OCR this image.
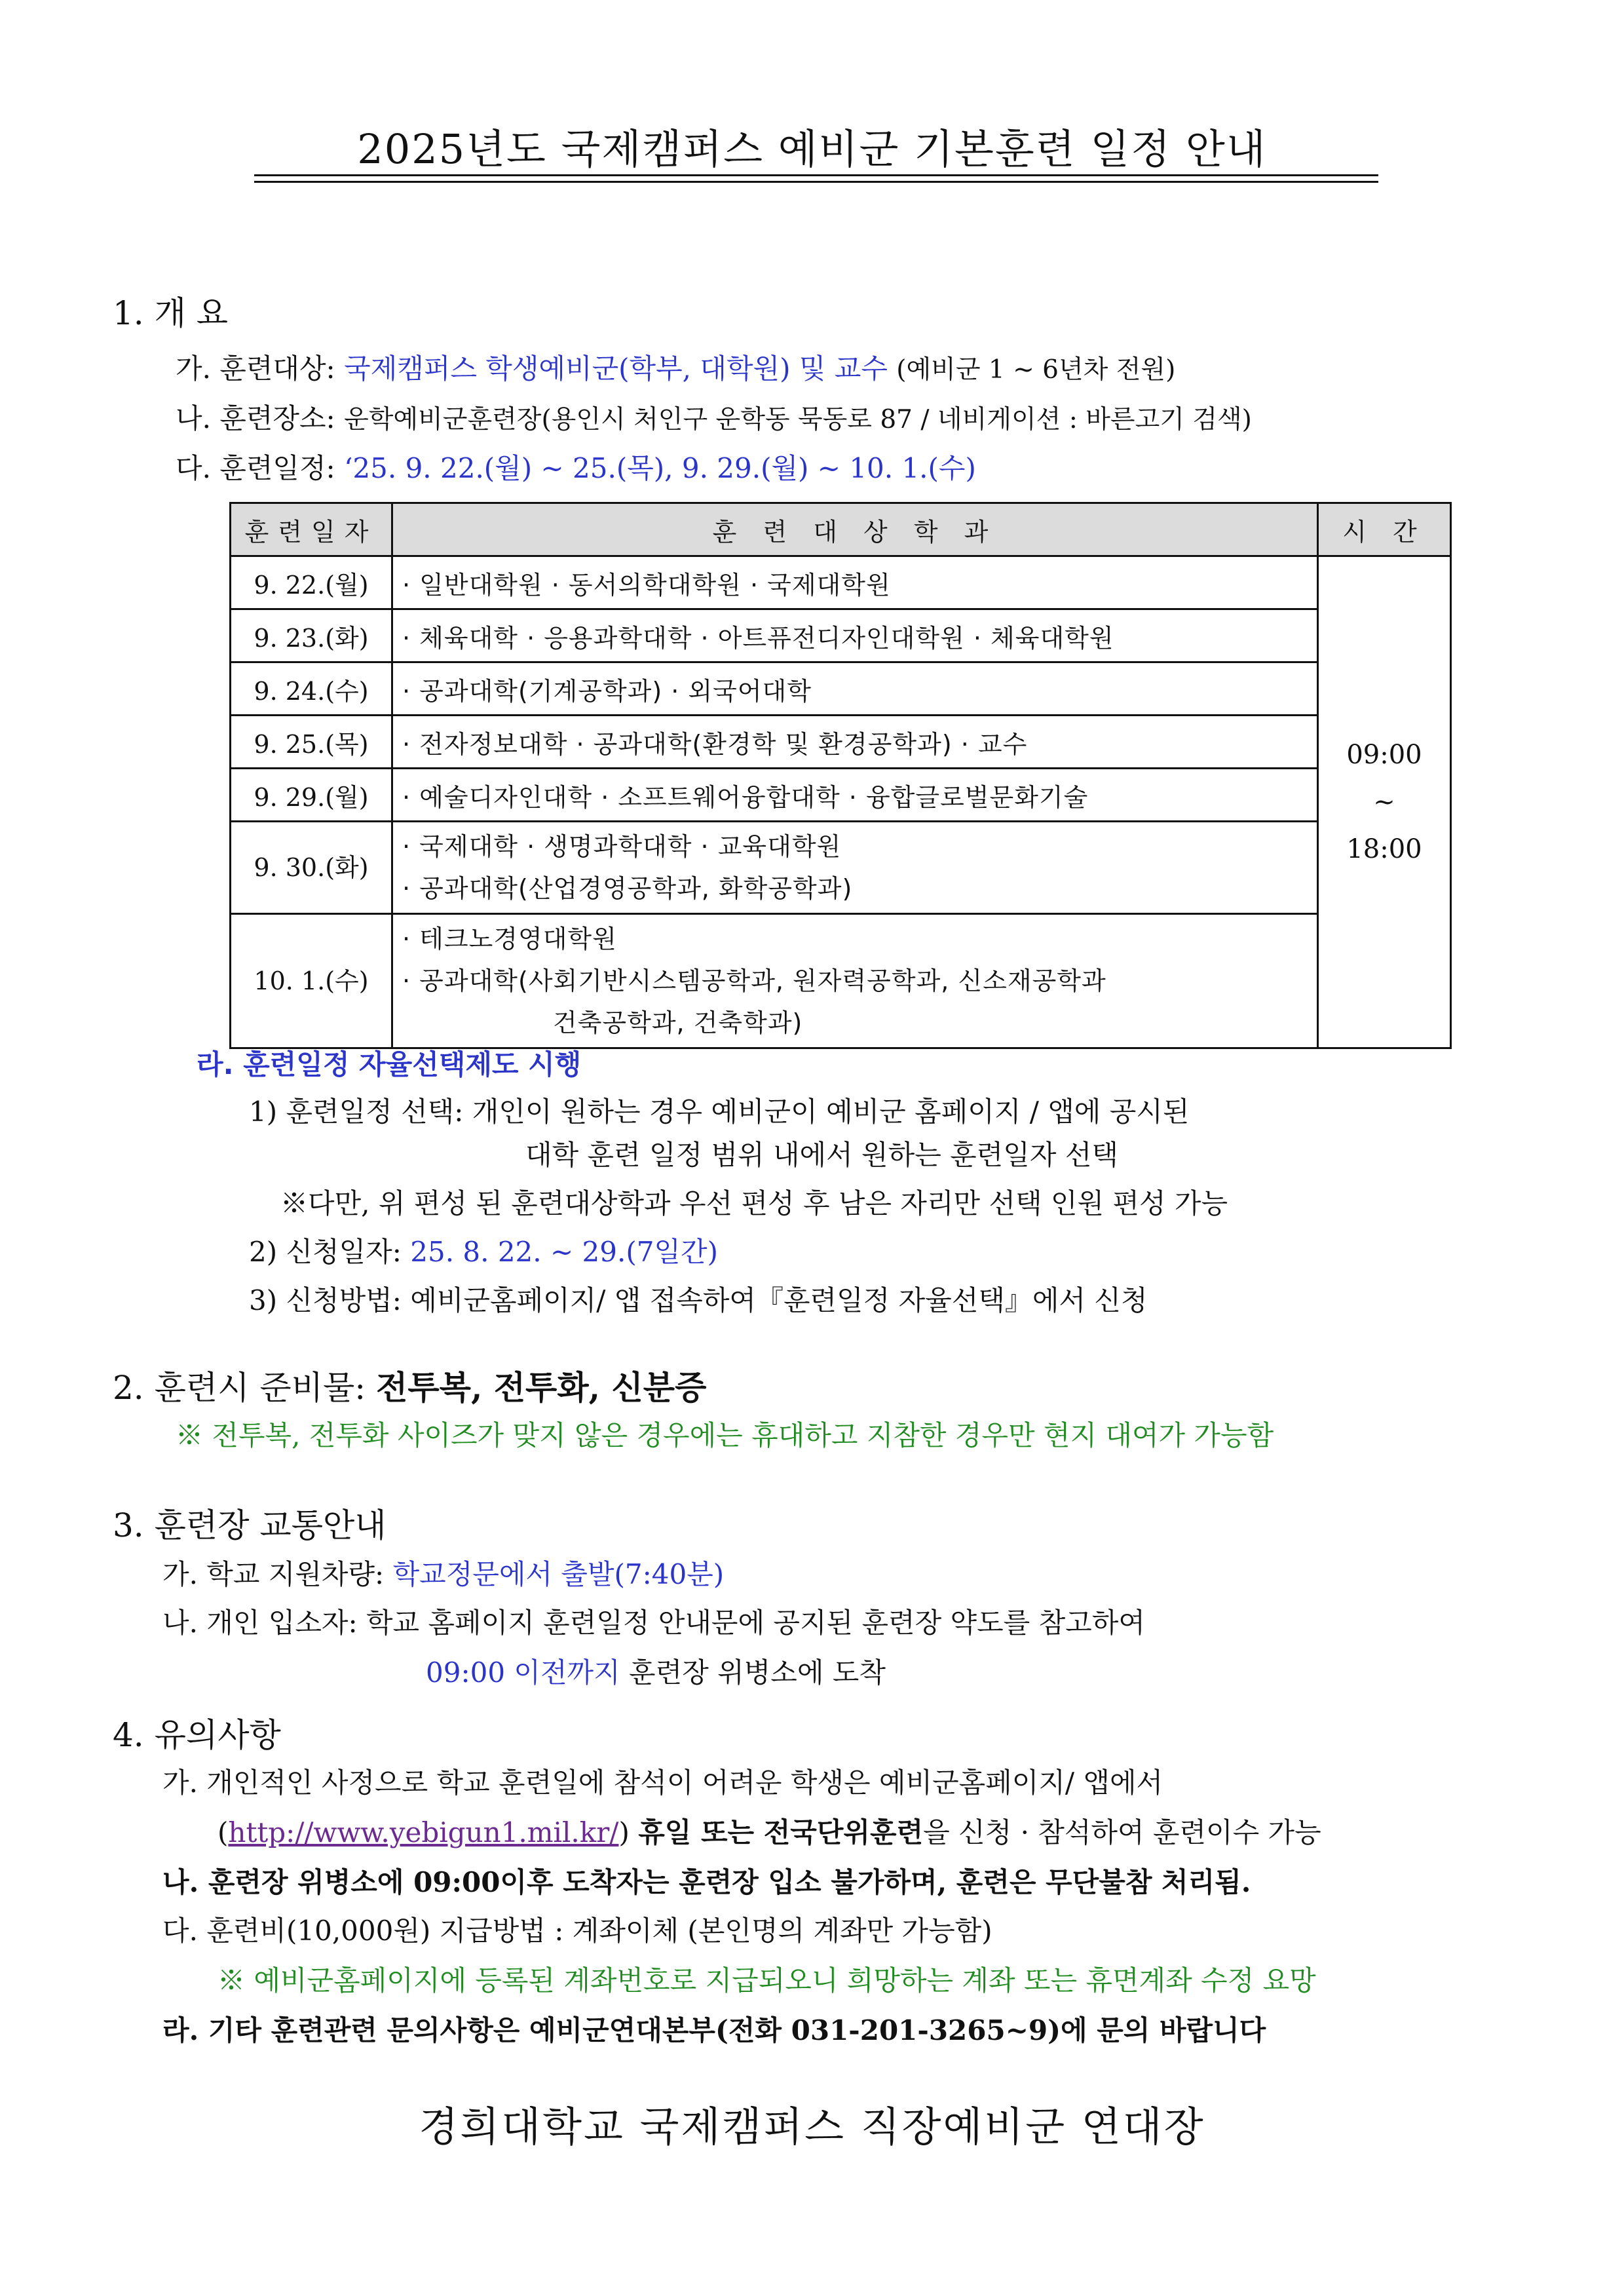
2025년도 국제캠퍼스 예비군 기본훈련 일정 안내
1. 개 요
가. 훈련대상: 국제캠퍼스 학생예비군(학부, 대학원) 및 교수 (예비군 1 ~ 6년차 전원)
나. 훈련장소: 운학예비군훈련장(용인시 처인구 운학동 묵동로 87 / 네비게이션 : 바른고기 검색)
다. 훈련일정: ‘25. 9. 22.(월) ~ 25.(목), 9. 29.(월) ~ 10. 1.(수)
훈련일자	훈 련 대 상 학 과	시 간
9. 22.(월)	· 일반대학원 · 동서의학대학원 · 국제대학원	09:00
~
18:00

9. 23.(화)	· 체육대학 · 응용과학대학 · 아트퓨전디자인대학원 · 체육대학원	
9. 24.(수)	· 공과대학(기계공학과) · 외국어대학	
9. 25.(목)	· 전자정보대학 · 공과대학(환경학 및 환경공학과) · 교수	
9. 29.(월)	· 예술디자인대학 · 소프트웨어융합대학 · 융합글로벌문화기술	
9. 30.(화)	· 국제대학 · 생명과학대학 · 교육대학원
· 공과대학(산업경영공학과, 화학공학과)	

10. 1.(수)	· 테크노경영대학원
· 공과대학(사회기반시스템공학과, 원자력공학과, 신소재공학과
건축공학과, 건축학과)	
라. 훈련일정 자율선택제도 시행
1) 훈련일정 선택: 개인이 원하는 경우 예비군이 예비군 홈페이지 / 앱에 공시된
대학 훈련 일정 범위 내에서 원하는 훈련일자 선택
※다만, 위 편성 된 훈련대상학과 우선 편성 후 남은 자리만 선택 인원 편성 가능
2) 신청일자: 25. 8. 22. ~ 29.(7일간)
3) 신청방법: 예비군홈페이지/ 앱 접속하여『훈련일정 자율선택』에서 신청
2. 훈련시 준비물: 전투복, 전투화, 신분증
※ 전투복, 전투화 사이즈가 맞지 않은 경우에는 휴대하고 지참한 경우만 현지 대여가 가능함
3. 훈련장 교통안내
가. 학교 지원차량: 학교정문에서 출발(7:40분)
나. 개인 입소자: 학교 홈페이지 훈련일정 안내문에 공지된 훈련장 약도를 참고하여
09:00 이전까지 훈련장 위병소에 도착
4. 유의사항
가. 개인적인 사정으로 학교 훈련일에 참석이 어려운 학생은 예비군홈페이지/ 앱에서
(http://www.yebigun1.mil.kr/) 휴일 또는 전국단위훈련을 신청 · 참석하여 훈련이수 가능
나. 훈련장 위병소에 09:00이후 도착자는 훈련장 입소 불가하며, 훈련은 무단불참 처리됨.
다. 훈련비(10,000원) 지급방법 : 계좌이체 (본인명의 계좌만 가능함)
※ 예비군홈페이지에 등록된 계좌번호로 지급되오니 희망하는 계좌 또는 휴면계좌 수정 요망
라. 기타 훈련관련 문의사항은 예비군연대본부(전화 031-201-3265~9)에 문의 바랍니다
경희대학교 국제캠퍼스 직장예비군 연대장
